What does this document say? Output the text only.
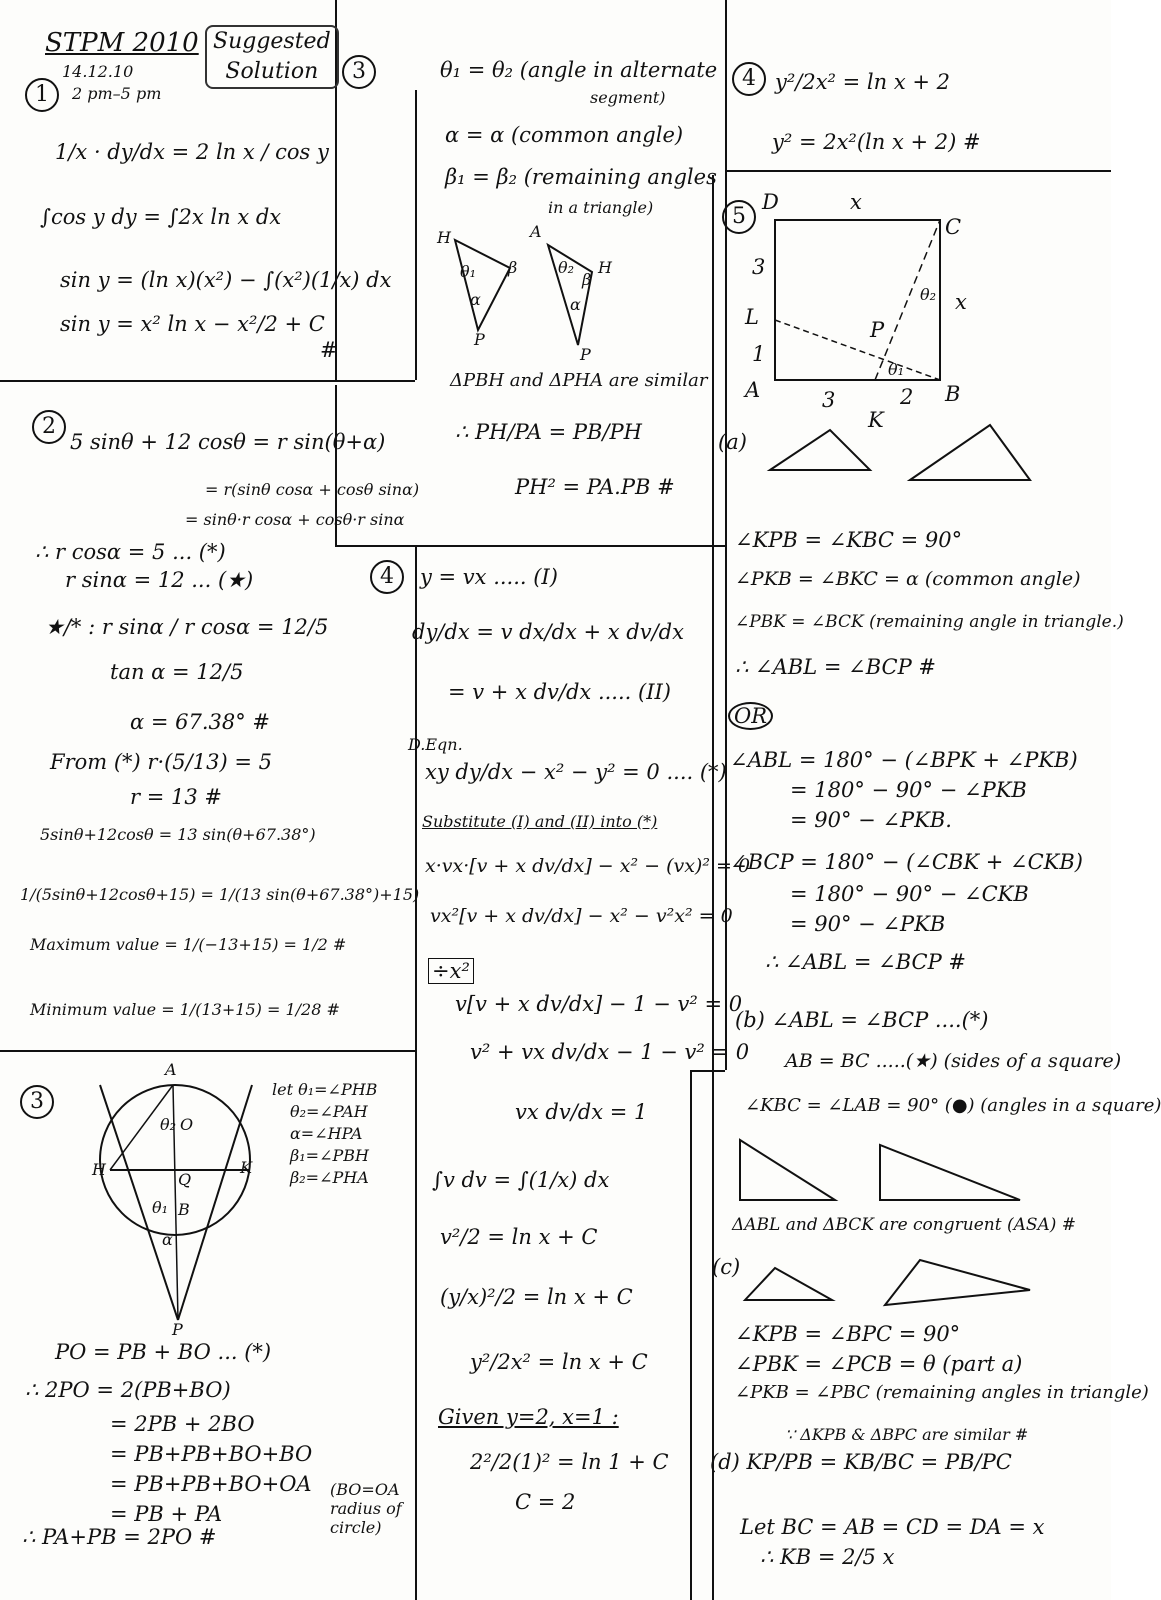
STPM 2010 Suggested
Solution
14.12.10
2 pm–5 pm
1
1/x · dy/dx = 2 ln x / cos y
∫cos y dy = ∫2x ln x dx
sin y = (ln x)(x²) − ∫(x²)(1/x) dx
sin y = x² ln x − x²/2 + C
#
3	θ₁ = θ₂ (angle in alternate
segment)
α = α (common angle)
β₁ = β₂ (remaining angles
in a triangle)
H
θ₁
α
β
P
A
θ₂ H
α
β
P
ΔPBH and ΔPHA are similar
∴ PH/PA = PB/PH
PH² = PA.PB #
4 y²/2x² = ln x + 2
y² = 2x²(ln x + 2) #
2
5 sinθ + 12 cosθ = r sin(θ+α)
= r(sinθ cosα + cosθ sinα)
= sinθ·r cosα + cosθ·r sinα
∴ r cosα = 5 ... (*)
r sinα = 12 ... (★)
★/* : r sinα / r cosα = 12/5
tan α = 12/5
α = 67.38° #
From (*) r·(5/13) = 5
r = 13 #
5sinθ+12cosθ = 13 sin(θ+67.38°)
1/(5sinθ+12cosθ+15) = 1/(13 sin(θ+67.38°)+15)
Maximum value = 1/(−13+15) = 1/2 #
Minimum value = 1/(13+15) = 1/28 #
3
A
O
H
Q
K
B
P
θ₂
θ₁
α
let θ₁=∠PHB
θ₂=∠PAH
α=∠HPA
β₁=∠PBH
β₂=∠PHA
PO = PB + BO ... (*)
∴ 2PO = 2(PB+BO)
= 2PB + 2BO
= PB+PB+BO+BO
= PB+PB+BO+OA
= PB + PA
∴ PA+PB = 2PO #
(BO=OA radius of circle)
4	y = vx ..... (I)
dy/dx = v dx/dx + x dv/dx
= v + x dv/dx ..... (II)
D.Eqn.
xy dy/dx − x² − y² = 0 .... (*)
Substitute (I) and (II) into (*)
x·vx·[v + x dv/dx] − x² − (vx)² = 0
vx²[v + x dv/dx] − x² − v²x² = 0
÷x²
v[v + x dv/dx] − 1 − v² = 0
v² + vx dv/dx − 1 − v² = 0
vx dv/dx = 1
∫v dv = ∫(1/x) dx
v²/2 = ln x + C
(y/x)²/2 = ln x + C
y²/2x² = ln x + C
Given y=2, x=1 :
2²/2(1)² = ln 1 + C
C = 2
5
D	x
C
3
L
1
A	3
K
2 B
P
θ₂
θ₁
x
(a)
∠KPB = ∠KBC = 90°
∠PKB = ∠BKC = α (common angle)
∠PBK = ∠BCK (remaining angle in triangle.)
∴ ∠ABL = ∠BCP #
OR
∠ABL = 180° − (∠BPK + ∠PKB)
= 180° − 90° − ∠PKB
= 90° − ∠PKB.
∠BCP = 180° − (∠CBK + ∠CKB)
= 180° − 90° − ∠CKB
= 90° − ∠PKB
∴ ∠ABL = ∠BCP #
(b) ∠ABL = ∠BCP ....(*)
AB = BC .....(★) (sides of a square)
∠KBC = ∠LAB = 90° (●) (angles in a square)
ΔABL and ΔBCK are congruent (ASA) #
(c)
∠KPB = ∠BPC = 90°
∠PBK = ∠PCB = θ (part a)
∠PKB = ∠PBC (remaining angles in triangle)
(d) KP/PB = KB/BC = PB/PC
∵ ΔKPB & ΔBPC are similar #
Let BC = AB = CD = DA = x
∴ KB = 2/5 x
